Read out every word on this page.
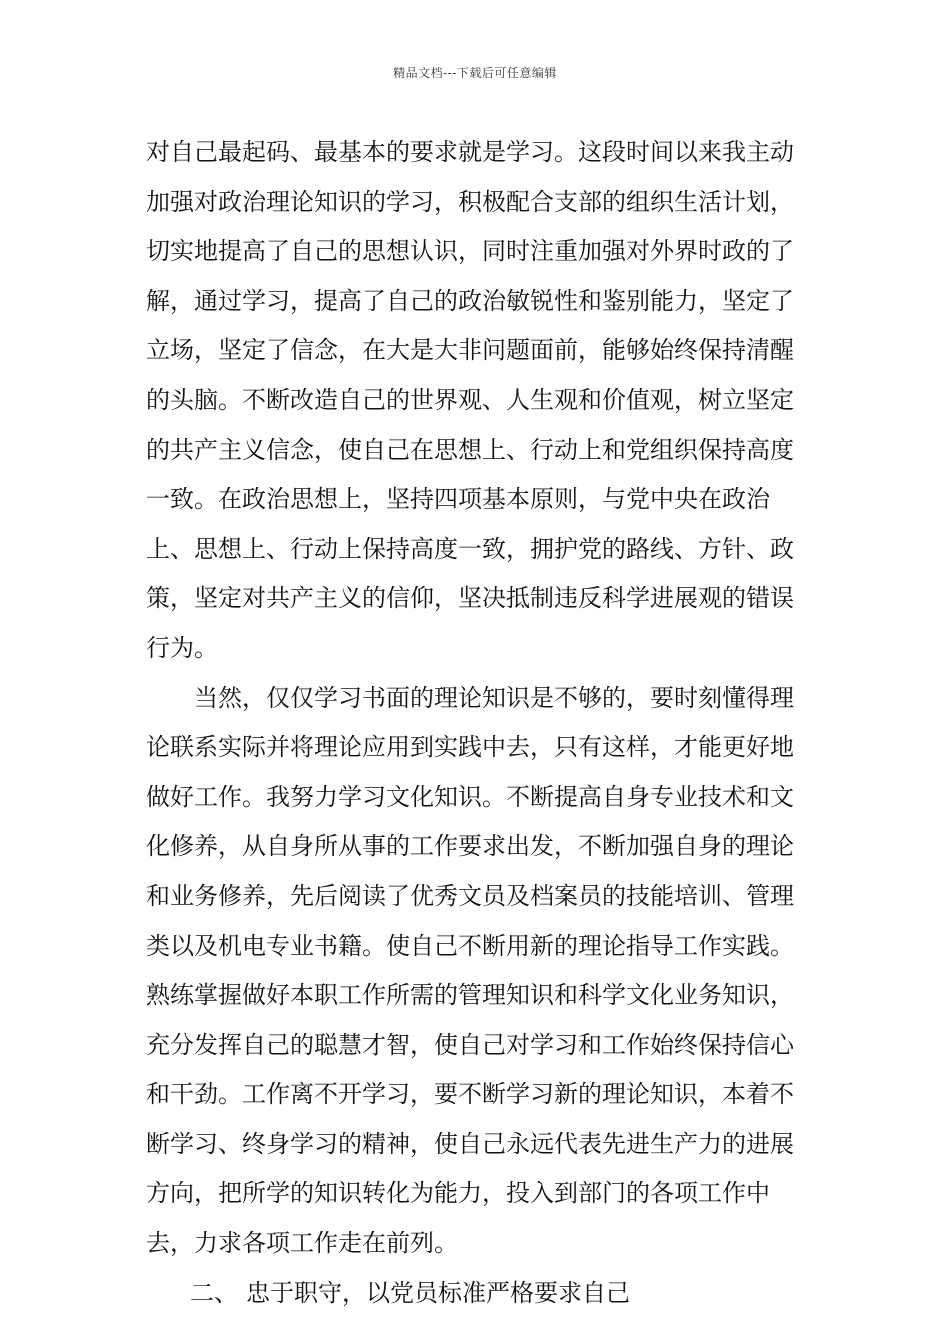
精品文档---下载后可任意编辑

对自己最起码、最基本的要求就是学习。这段时间以来我主动加强对政治理论知识的学习，积极配合支部的组织生活计划，切实地提高了自己的思想认识，同时注重加强对外界时政的了解，通过学习，提高了自己的政治敏锐性和鉴别能力，坚定了立场，坚定了信念，在大是大非问题面前，能够始终保持清醒的头脑。不断改造自己的世界观、人生观和价值观，树立坚定的共产主义信念，使自己在思想上、行动上和党组织保持高度一致。在政治思想上，坚持四项基本原则，与党中央在政治上、思想上、行动上保持高度一致，拥护党的路线、方针、政策，坚定对共产主义的信仰，坚决抵制违反科学进展观的错误行为。

当然，仅仅学习书面的理论知识是不够的，要时刻懂得理论联系实际并将理论应用到实践中去，只有这样，才能更好地做好工作。我努力学习文化知识。不断提高自身专业技术和文化修养，从自身所从事的工作要求出发，不断加强自身的理论和业务修养，先后阅读了优秀文员及档案员的技能培训、管理类以及机电专业书籍。使自己不断用新的理论指导工作实践。熟练掌握做好本职工作所需的管理知识和科学文化业务知识，充分发挥自己的聪慧才智，使自己对学习和工作始终保持信心和干劲。工作离不开学习，要不断学习新的理论知识，本着不断学习、终身学习的精神，使自己永远代表先进生产力的进展方向，把所学的知识转化为能力，投入到部门的各项工作中去，力求各项工作走在前列。

二、 忠于职守，以党员标准严格要求自己
